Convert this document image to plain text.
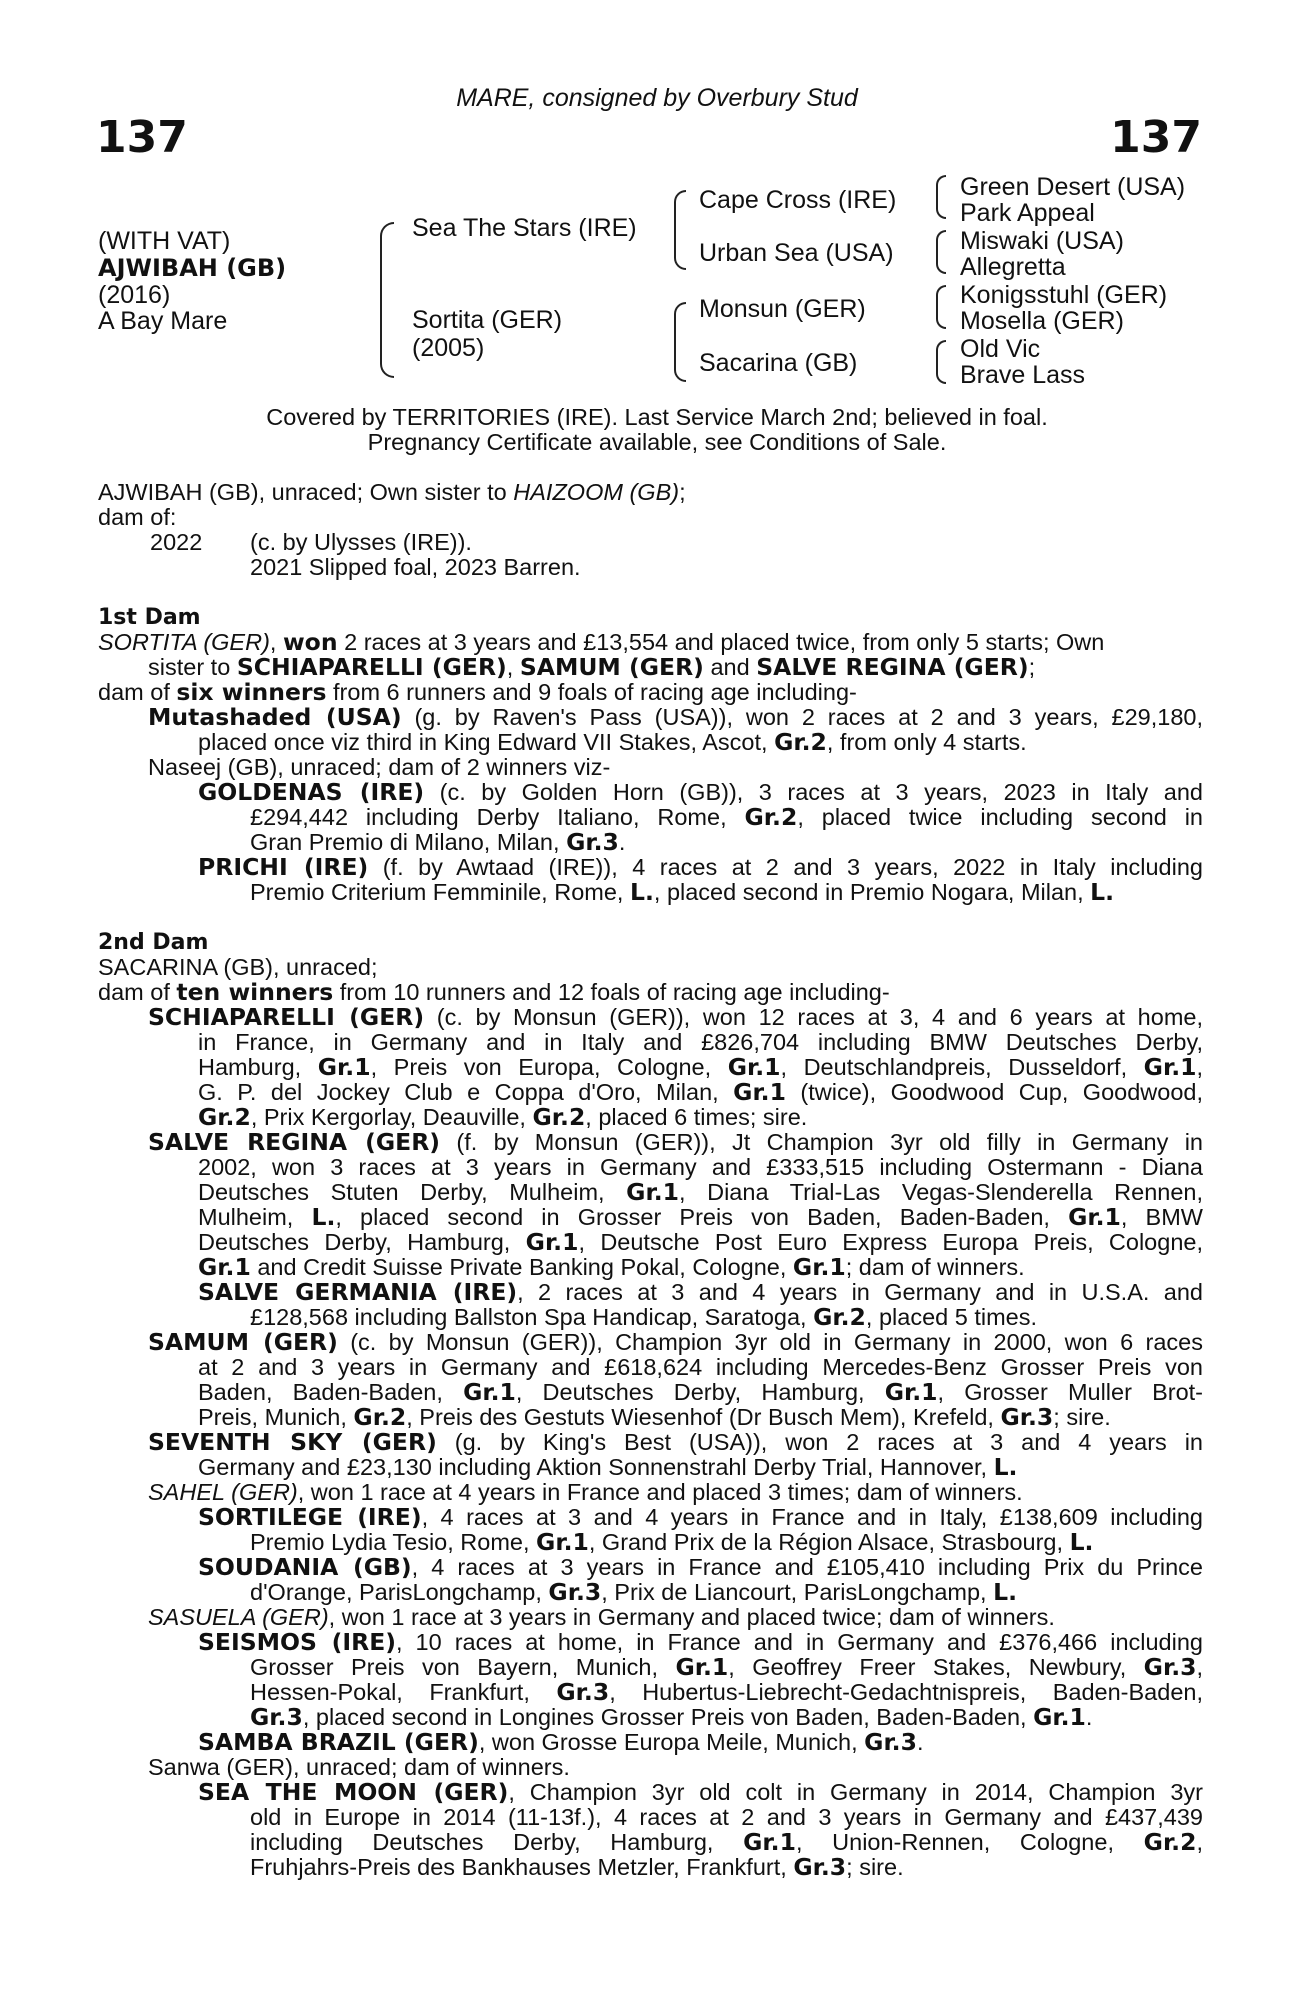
MARE, consigned by Overbury Stud
137	137
(WITH VAT)
AJWIBAH (GB)
(2016)
A Bay Mare
Sea The Stars (IRE)
Sortita (GER)
(2005)
Cape Cross (IRE)
Urban Sea (USA)
Monsun (GER)
Sacarina (GB)
Green Desert (USA)
Park Appeal
Miswaki (USA)
Allegretta
Konigsstuhl (GER)
Mosella (GER)
Old Vic
Brave Lass
Covered by TERRITORIES (IRE). Last Service March 2nd; believed in foal.
Pregnancy Certificate available, see Conditions of Sale.
AJWIBAH (GB), unraced; Own sister to HAIZOOM (GB);
dam of:
2022 (c. by Ulysses (IRE)).
2021 Slipped foal, 2023 Barren.
1st Dam
SORTITA (GER), won 2 races at 3 years and £13,554 and placed twice, from only 5 starts; Own
sister to SCHIAPARELLI (GER), SAMUM (GER) and SALVE REGINA (GER);
dam of six winners from 6 runners and 9 foals of racing age including-
Mutashaded (USA) (g. by Raven's Pass (USA)), won 2 races at 2 and 3 years, £29,180,
placed once viz third in King Edward VII Stakes, Ascot, Gr.2, from only 4 starts.
Naseej (GB), unraced; dam of 2 winners viz-
GOLDENAS (IRE) (c. by Golden Horn (GB)), 3 races at 3 years, 2023 in Italy and
£294,442 including Derby Italiano, Rome, Gr.2, placed twice including second in
Gran Premio di Milano, Milan, Gr.3.
PRICHI (IRE) (f. by Awtaad (IRE)), 4 races at 2 and 3 years, 2022 in Italy including
Premio Criterium Femminile, Rome, L., placed second in Premio Nogara, Milan, L.
2nd Dam
SACARINA (GB), unraced;
dam of ten winners from 10 runners and 12 foals of racing age including-
SCHIAPARELLI (GER) (c. by Monsun (GER)), won 12 races at 3, 4 and 6 years at home,
in France, in Germany and in Italy and £826,704 including BMW Deutsches Derby,
Hamburg, Gr.1, Preis von Europa, Cologne, Gr.1, Deutschlandpreis, Dusseldorf, Gr.1,
G. P. del Jockey Club e Coppa d'Oro, Milan, Gr.1 (twice), Goodwood Cup, Goodwood,
Gr.2, Prix Kergorlay, Deauville, Gr.2, placed 6 times; sire.
SALVE REGINA (GER) (f. by Monsun (GER)), Jt Champion 3yr old filly in Germany in
2002, won 3 races at 3 years in Germany and £333,515 including Ostermann - Diana
Deutsches Stuten Derby, Mulheim, Gr.1, Diana Trial-Las Vegas-Slenderella Rennen,
Mulheim, L., placed second in Grosser Preis von Baden, Baden-Baden, Gr.1, BMW
Deutsches Derby, Hamburg, Gr.1, Deutsche Post Euro Express Europa Preis, Cologne,
Gr.1 and Credit Suisse Private Banking Pokal, Cologne, Gr.1; dam of winners.
SALVE GERMANIA (IRE), 2 races at 3 and 4 years in Germany and in U.S.A. and
£128,568 including Ballston Spa Handicap, Saratoga, Gr.2, placed 5 times.
SAMUM (GER) (c. by Monsun (GER)), Champion 3yr old in Germany in 2000, won 6 races
at 2 and 3 years in Germany and £618,624 including Mercedes-Benz Grosser Preis von
Baden, Baden-Baden, Gr.1, Deutsches Derby, Hamburg, Gr.1, Grosser Muller Brot-
Preis, Munich, Gr.2, Preis des Gestuts Wiesenhof (Dr Busch Mem), Krefeld, Gr.3; sire.
SEVENTH SKY (GER) (g. by King's Best (USA)), won 2 races at 3 and 4 years in
Germany and £23,130 including Aktion Sonnenstrahl Derby Trial, Hannover, L.
SAHEL (GER), won 1 race at 4 years in France and placed 3 times; dam of winners.
SORTILEGE (IRE), 4 races at 3 and 4 years in France and in Italy, £138,609 including
Premio Lydia Tesio, Rome, Gr.1, Grand Prix de la Région Alsace, Strasbourg, L.
SOUDANIA (GB), 4 races at 3 years in France and £105,410 including Prix du Prince
d'Orange, ParisLongchamp, Gr.3, Prix de Liancourt, ParisLongchamp, L.
SASUELA (GER), won 1 race at 3 years in Germany and placed twice; dam of winners.
SEISMOS (IRE), 10 races at home, in France and in Germany and £376,466 including
Grosser Preis von Bayern, Munich, Gr.1, Geoffrey Freer Stakes, Newbury, Gr.3,
Hessen-Pokal, Frankfurt, Gr.3, Hubertus-Liebrecht-Gedachtnispreis, Baden-Baden,
Gr.3, placed second in Longines Grosser Preis von Baden, Baden-Baden, Gr.1.
SAMBA BRAZIL (GER), won Grosse Europa Meile, Munich, Gr.3.
Sanwa (GER), unraced; dam of winners.
SEA THE MOON (GER), Champion 3yr old colt in Germany in 2014, Champion 3yr
old in Europe in 2014 (11-13f.), 4 races at 2 and 3 years in Germany and £437,439
including Deutsches Derby, Hamburg, Gr.1, Union-Rennen, Cologne, Gr.2,
Fruhjahrs-Preis des Bankhauses Metzler, Frankfurt, Gr.3; sire.
